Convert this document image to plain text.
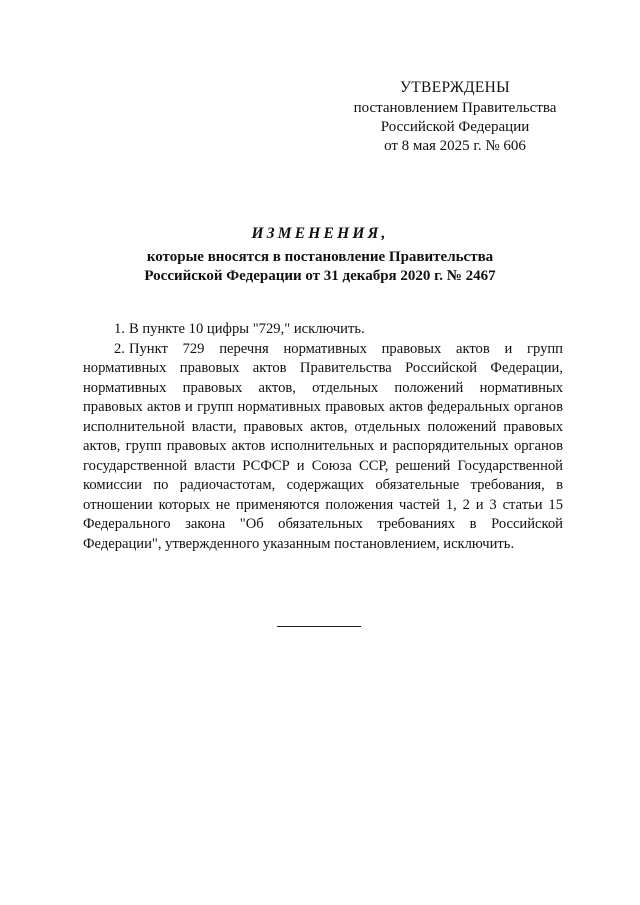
УТВЕРЖДЕНЫ
постановлением Правительства
Российской Федерации
от 8 мая 2025 г. № 606
ИЗМЕНЕНИЯ,
которые вносятся в постановление Правительства
Российской Федерации от 31 декабря 2020 г. № 2467

1. В пункте 10 цифры "729," исключить.

2. Пункт 729 перечня нормативных правовых актов и групп нормативных правовых актов Правительства Российской Федерации, нормативных правовых актов, отдельных положений нормативных правовых актов и групп нормативных правовых актов федеральных органов исполнительной власти, правовых актов, отдельных положений правовых актов, групп правовых актов исполнительных и распорядительных органов государственной власти РСФСР и Союза ССР, решений Государственной комиссии по радиочастотам, содержащих обязательные требования, в отношении которых не применяются положения частей 1, 2 и 3 статьи 15 Федерального закона "Об обязательных требованиях в Российской Федерации", утвержденного указанным постановлением, исключить.
